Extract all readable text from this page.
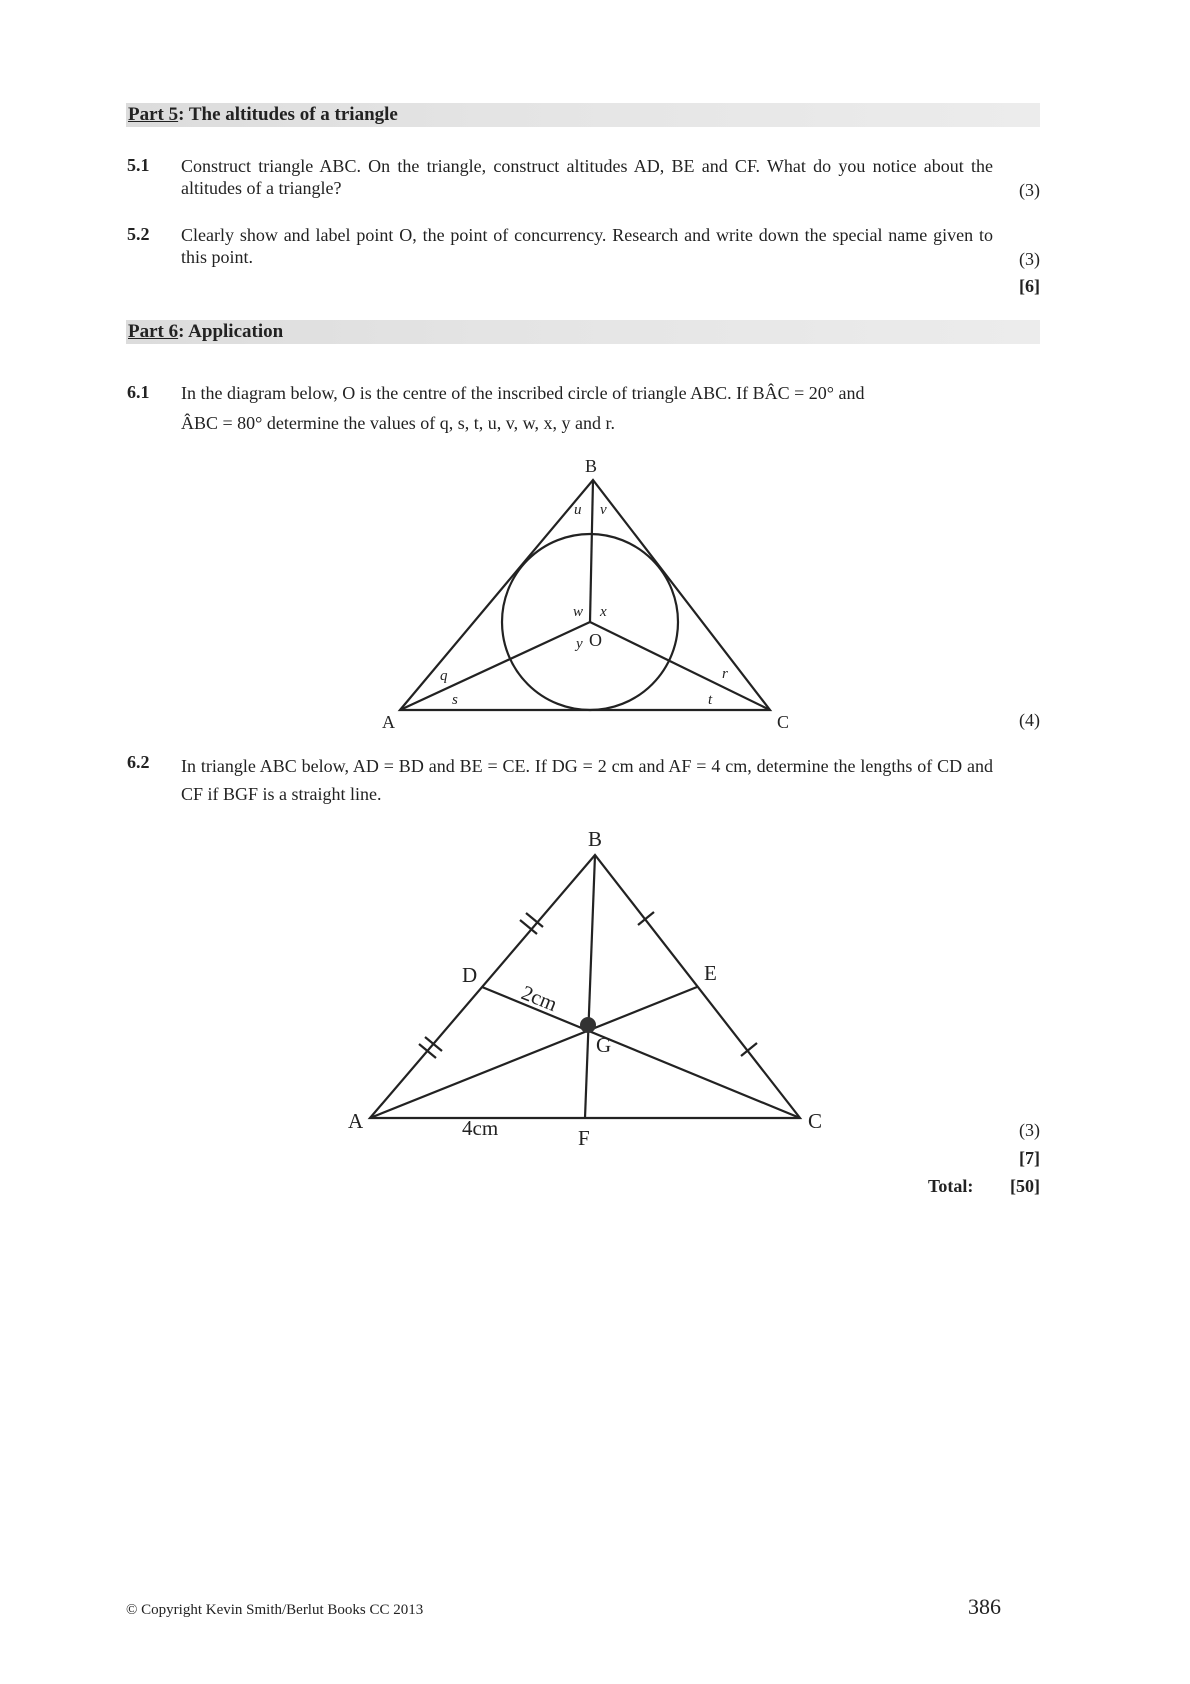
Part 5: The altitudes of a triangle
5.1 Construct triangle ABC. On the triangle, construct altitudes AD, BE and CF. What do you notice about the altitudes of a triangle?	(3)
5.2 Clearly show and label point O, the point of concurrency. Research and write down the special name given to this point.	(3)
[6]
Part 6: Application
6.1 In the diagram below, O is the centre of the inscribed circle of triangle ABC. If BÂC = 20° and
ÂBC = 80° determine the values of q, s, t, u, v, w, x, y and r.
B
A	C
O
u v
w x
y
q
s
r
t
(4)
6.2 In triangle ABC below, AD = BD and BE = CE. If DG = 2 cm and AF = 4 cm, determine the lengths of CD and CF if BGF is a straight line.
B
A	C
D	E
F
G
4cm
2cm
(3)
[7]
Total: [50]
© Copyright Kevin Smith/Berlut Books CC 2013	386
